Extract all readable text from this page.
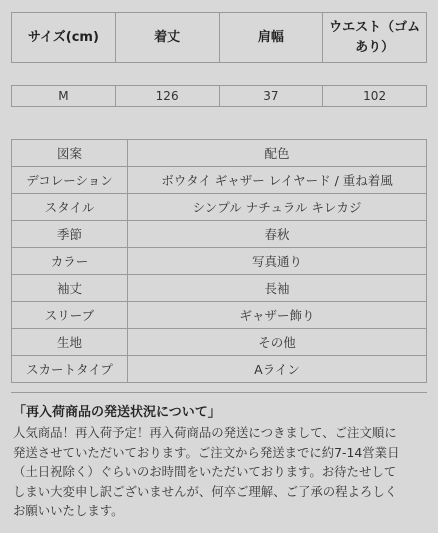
サイズ(cm)	着丈	肩幅	ウエスト（ゴムあり）
M	126	37	102
図案	配色
デコレーション	ボウタイ ギャザー レイヤード / 重ね着風
スタイル	シンプル ナチュラル キレカジ
季節	春秋
カラー	写真通り
袖丈	長袖
スリーブ	ギャザー飾り
生地	その他
スカートタイプ	Aライン
「再入荷商品の発送状況について」
人気商品！再入荷予定！再入荷商品の発送につきまして、ご注文順に
発送させていただいております。ご注文から発送までに約7-14営業日
（土日祝除く）ぐらいのお時間をいただいております。お待たせして
しまい大変申し訳ございませんが、何卒ご理解、ご了承の程よろしく
お願いいたします。
